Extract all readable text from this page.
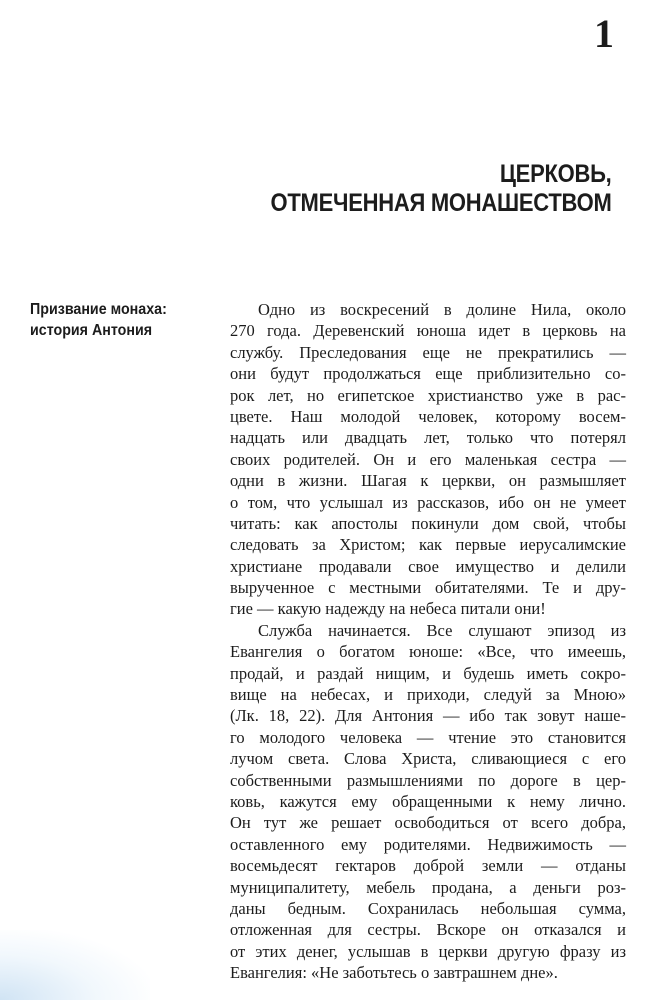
1
ЦЕРКОВЬ,
ОТМЕЧЕННАЯ МОНАШЕСТВОМ
Призвание монаха:
история Антония
Одно из воскресений в долине Нила, около
270 года. Деревенский юноша идет в церковь на
службу. Преследования еще не прекратились —
они будут продолжаться еще приблизительно со-
рок лет, но египетское христианство уже в рас-
цвете. Наш молодой человек, которому восем-
надцать или двадцать лет, только что потерял
своих родителей. Он и его маленькая сестра —
одни в жизни. Шагая к церкви, он размышляет
о том, что услышал из рассказов, ибо он не умеет
читать: как апостолы покинули дом свой, чтобы
следовать за Христом; как первые иерусалимские
христиане продавали свое имущество и делили
вырученное с местными обитателями. Те и дру-
гие — какую надежду на небеса питали они!
Служба начинается. Все слушают эпизод из
Евангелия о богатом юноше: «Все, что имеешь,
продай, и раздай нищим, и будешь иметь сокро-
вище на небесах, и приходи, следуй за Мною»
(Лк. 18, 22). Для Антония — ибо так зовут наше-
го молодого человека — чтение это становится
лучом света. Слова Христа, сливающиеся с его
собственными размышлениями по дороге в цер-
ковь, кажутся ему обращенными к нему лично.
Он тут же решает освободиться от всего добра,
оставленного ему родителями. Недвижимость —
восемьдесят гектаров доброй земли — отданы
муниципалитету, мебель продана, а деньги роз-
даны бедным. Сохранилась небольшая сумма,
отложенная для сестры. Вскоре он отказался и
от этих денег, услышав в церкви другую фразу из
Евангелия: «Не заботьтесь о завтрашнем дне».
